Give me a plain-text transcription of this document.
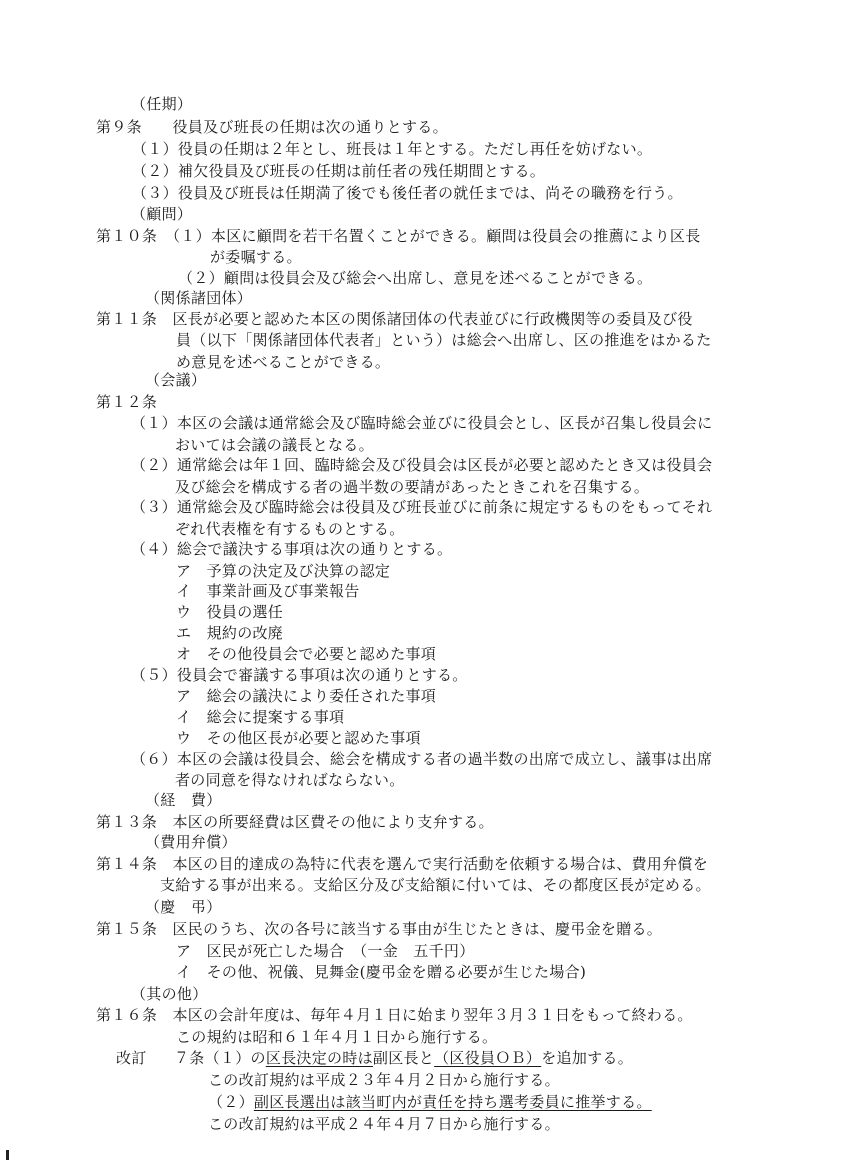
（任期）
第９条　　役員及び班長の任期は次の通りとする。
（１）役員の任期は２年とし、班長は１年とする。ただし再任を妨げない。
（２）補欠役員及び班長の任期は前任者の残任期間とする。
（３）役員及び班長は任期満了後でも後任者の就任までは、尚その職務を行う。
（顧問）
第１０条　（１）本区に顧問を若干名置くことができる。顧問は役員会の推薦により区長
が委嘱する。
（２）顧問は役員会及び総会へ出席し、意見を述べることができる。
（関係諸団体）
第１１条　区長が必要と認めた本区の関係諸団体の代表並びに行政機関等の委員及び役
員（以下「関係諸団体代表者」という）は総会へ出席し、区の推進をはかるた
め意見を述べることができる。
（会議）
第１２条
（１）本区の会議は通常総会及び臨時総会並びに役員会とし、区長が召集し役員会に
おいては会議の議長となる。
（２）通常総会は年１回、臨時総会及び役員会は区長が必要と認めたとき又は役員会
及び総会を構成する者の過半数の要請があったときこれを召集する。
（３）通常総会及び臨時総会は役員及び班長並びに前条に規定するものをもってそれ
ぞれ代表権を有するものとする。
（４）総会で議決する事項は次の通りとする。
ア　予算の決定及び決算の認定
イ　事業計画及び事業報告
ウ　役員の選任
エ　規約の改廃
オ　その他役員会で必要と認めた事項
（５）役員会で審議する事項は次の通りとする。
ア　総会の議決により委任された事項
イ　総会に提案する事項
ウ　その他区長が必要と認めた事項
（６）本区の会議は役員会、総会を構成する者の過半数の出席で成立し、議事は出席
者の同意を得なければならない。
（経　費）
第１３条　本区の所要経費は区費その他により支弁する。
（費用弁償）
第１４条　本区の目的達成の為特に代表を選んで実行活動を依頼する場合は、費用弁償を
支給する事が出来る。支給区分及び支給額に付いては、その都度区長が定める。
（慶　弔）
第１５条　区民のうち、次の各号に該当する事由が生じたときは、慶弔金を贈る。
ア　区民が死亡した場合　（一金　五千円）
イ　その他、祝儀、見舞金(慶弔金を贈る必要が生じた場合)
（其の他）
第１６条　本区の会計年度は、毎年４月１日に始まり翌年３月３１日をもって終わる。
この規約は昭和６１年４月１日から施行する。
改訂 ７条（１）の区長決定の時は副区長と（区役員ＯＢ）を追加する。
この改訂規約は平成２３年４月２日から施行する。
（２）副区長選出は該当町内が責任を持ち選考委員に推挙する。
この改訂規約は平成２４年４月７日から施行する。
